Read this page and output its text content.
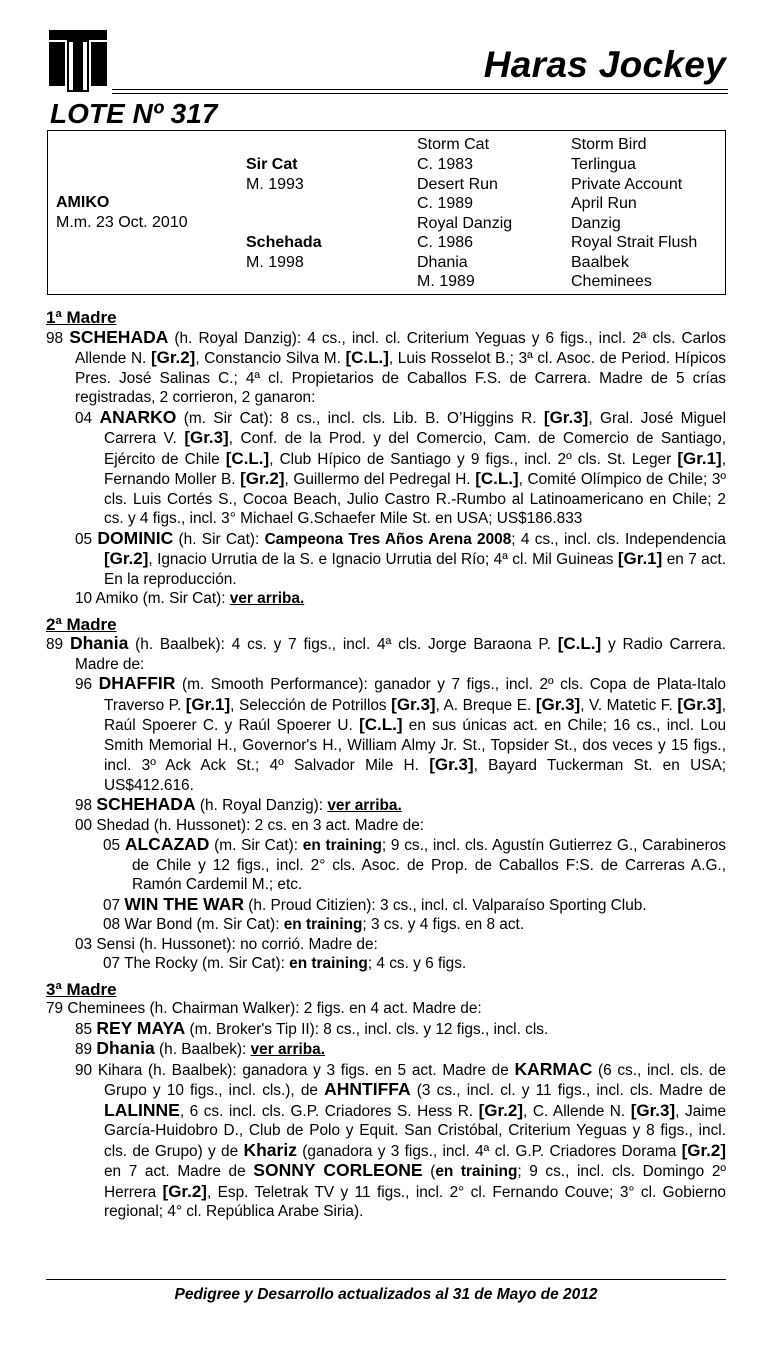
Haras Jockey
LOTE Nº 317
AMIKO
M.m. 23 Oct. 2010
Sir Cat
M. 1993
Schehada
M. 1998
Storm Cat
C. 1983
Desert Run
C. 1989
Royal Danzig
C. 1986
Dhania
M. 1989
Storm Bird
Terlingua
Private Account
April Run
Danzig
Royal Strait Flush
Baalbek
Cheminees

1ª Madre

98 SCHEHADA (h. Royal Danzig): 4 cs., incl. cl. Criterium Yeguas y 6 figs., incl. 2ª cls. Carlos Allende N. [Gr.2], Constancio Silva M. [C.L.], Luis Rosselot B.; 3ª cl. Asoc. de Period. Hípicos Pres. José Salinas C.; 4ª cl. Propietarios de Caballos F.S. de Carrera. Madre de 5 crías registradas, 2 corrieron, 2 ganaron:

04 ANARKO (m. Sir Cat): 8 cs., incl. cls. Lib. B. O’Higgins R. [Gr.3], Gral. José Miguel Carrera V. [Gr.3], Conf. de la Prod. y del Comercio, Cam. de Comercio de Santiago, Ejército de Chile [C.L.], Club Hípico de Santiago y 9 figs., incl. 2º cls. St. Leger [Gr.1], Fernando Moller B. [Gr.2], Guillermo del Pedregal H. [C.L.], Comité Olímpico de Chile; 3º cls. Luis Cortés S., Cocoa Beach, Julio Castro R.-Rumbo al Latinoamericano en Chile; 2 cs. y 4 figs., incl. 3° Michael G.Schaefer Mile St. en USA; US$186.833

05 DOMINIC (h. Sir Cat): Campeona Tres Años Arena 2008; 4 cs., incl. cls. Independencia [Gr.2], Ignacio Urrutia de la S. e Ignacio Urrutia del Río; 4ª cl. Mil Guineas [Gr.1] en 7 act. En la reproducción.

10 Amiko (m. Sir Cat): ver arriba.

2ª Madre

89 Dhania (h. Baalbek): 4 cs. y 7 figs., incl. 4ª cls. Jorge Baraona P. [C.L.] y Radio Carrera. Madre de:

96 DHAFFIR (m. Smooth Performance): ganador y 7 figs., incl. 2º cls. Copa de Plata-Italo Traverso P. [Gr.1], Selección de Potrillos [Gr.3], A. Breque E. [Gr.3], V. Matetic F. [Gr.3], Raúl Spoerer C. y Raúl Spoerer U. [C.L.] en sus únicas act. en Chile; 16 cs., incl. Lou Smith Memorial H., Governor's H., William Almy Jr. St., Topsider St., dos veces y 15 figs., incl. 3º Ack Ack St.; 4º Salvador Mile H. [Gr.3], Bayard Tuckerman St. en USA; US$412.616.

98 SCHEHADA (h. Royal Danzig): ver arriba.

00 Shedad (h. Hussonet): 2 cs. en 3 act. Madre de:

05 ALCAZAD (m. Sir Cat): en training; 9 cs., incl. cls. Agustín Gutierrez G., Carabineros de Chile y 12 figs., incl. 2° cls. Asoc. de Prop. de Caballos F:S. de Carreras A.G., Ramón Cardemil M.; etc.

07 WIN THE WAR (h. Proud Citizien): 3 cs., incl. cl. Valparaíso Sporting Club.

08 War Bond (m. Sir Cat): en training; 3 cs. y 4 figs. en 8 act.

03 Sensi (h. Hussonet): no corrió. Madre de:

07 The Rocky (m. Sir Cat): en training; 4 cs. y 6 figs.

3ª Madre

79 Cheminees (h. Chairman Walker): 2 figs. en 4 act. Madre de:

85 REY MAYA (m. Broker's Tip II): 8 cs., incl. cls. y 12 figs., incl. cls.

89 Dhania (h. Baalbek): ver arriba.

90 Kihara (h. Baalbek): ganadora y 3 figs. en 5 act. Madre de KARMAC (6 cs., incl. cls. de Grupo y 10 figs., incl. cls.), de AHNTIFFA (3 cs., incl. cl. y 11 figs., incl. cls. Madre de LALINNE, 6 cs. incl. cls. G.P. Criadores S. Hess R. [Gr.2], C. Allende N. [Gr.3], Jaime García-Huidobro D., Club de Polo y Equit. San Cristóbal, Criterium Yeguas y 8 figs., incl. cls. de Grupo) y de Khariz (ganadora y 3 figs., incl. 4ª cl. G.P. Criadores Dorama [Gr.2] en 7 act. Madre de SONNY CORLEONE (en training; 9 cs., incl. cls. Domingo 2º Herrera [Gr.2], Esp. Teletrak TV y 11 figs., incl. 2° cl. Fernando Couve; 3° cl. Gobierno regional; 4° cl. República Arabe Siria).

Pedigree y Desarrollo actualizados al 31 de Mayo de 2012
